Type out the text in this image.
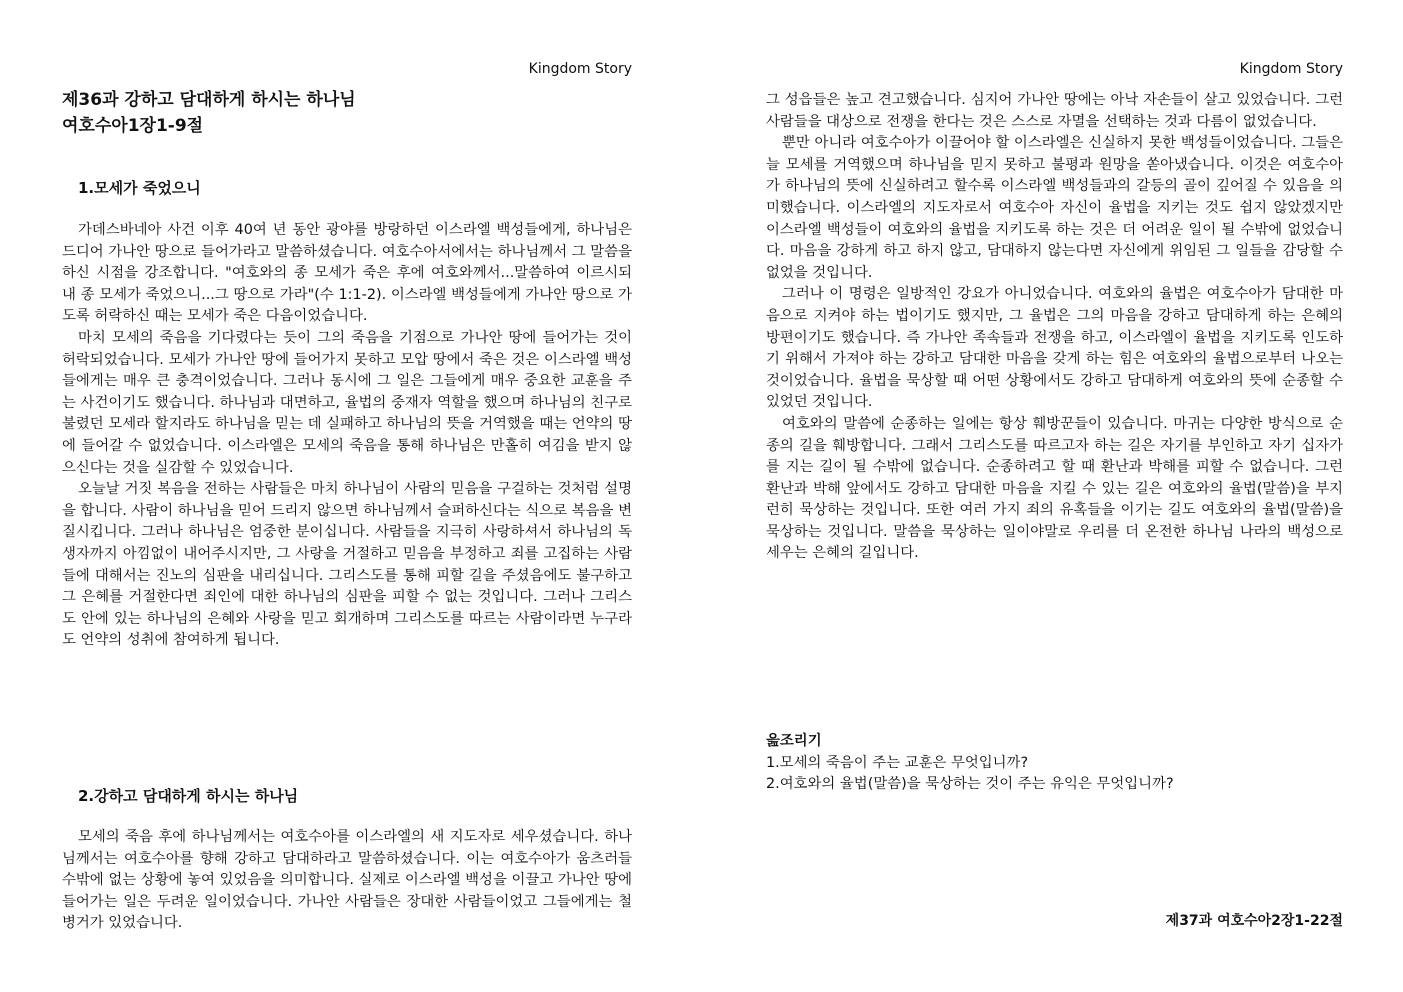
Kingdom Story
제36과 강하고 담대하게 하시는 하나님
여호수아1장1-9절
1.모세가 죽었으니

가데스바네아 사건 이후 40여 년 동안 광야를 방랑하던 이스라엘 백성들에게, 하나님은 드디어 가나안 땅으로 들어가라고 말씀하셨습니다. 여호수아서에서는 하나님께서 그 말씀을 하신 시점을 강조합니다. "여호와의 종 모세가 죽은 후에 여호와께서...말씀하여 이르시되 내 종 모세가 죽었으니...그 땅으로 가라"(수 1:1-2). 이스라엘 백성들에게 가나안 땅으로 가도록 허락하신 때는 모세가 죽은 다음이었습니다.

마치 모세의 죽음을 기다렸다는 듯이 그의 죽음을 기점으로 가나안 땅에 들어가는 것이 허락되었습니다. 모세가 가나안 땅에 들어가지 못하고 모압 땅에서 죽은 것은 이스라엘 백성들에게는 매우 큰 충격이었습니다. 그러나 동시에 그 일은 그들에게 매우 중요한 교훈을 주는 사건이기도 했습니다. 하나님과 대면하고, 율법의 중재자 역할을 했으며 하나님의 친구로 불렸던 모세라 할지라도 하나님을 믿는 데 실패하고 하나님의 뜻을 거역했을 때는 언약의 땅에 들어갈 수 없었습니다. 이스라엘은 모세의 죽음을 통해 하나님은 만홀히 여김을 받지 않으신다는 것을 실감할 수 있었습니다.

오늘날 거짓 복음을 전하는 사람들은 마치 하나님이 사람의 믿음을 구걸하는 것처럼 설명을 합니다. 사람이 하나님을 믿어 드리지 않으면 하나님께서 슬퍼하신다는 식으로 복음을 변질시킵니다. 그러나 하나님은 엄중한 분이십니다. 사람들을 지극히 사랑하셔서 하나님의 독생자까지 아낌없이 내어주시지만, 그 사랑을 거절하고 믿음을 부정하고 죄를 고집하는 사람들에 대해서는 진노의 심판을 내리십니다. 그리스도를 통해 피할 길을 주셨음에도 불구하고 그 은혜를 거절한다면 죄인에 대한 하나님의 심판을 피할 수 없는 것입니다. 그러나 그리스도 안에 있는 하나님의 은혜와 사랑을 믿고 회개하며 그리스도를 따르는 사람이라면 누구라도 언약의 성취에 참여하게 됩니다.

2.강하고 담대하게 하시는 하나님

모세의 죽음 후에 하나님께서는 여호수아를 이스라엘의 새 지도자로 세우셨습니다. 하나님께서는 여호수아를 향해 강하고 담대하라고 말씀하셨습니다. 이는 여호수아가 움츠러들 수밖에 없는 상황에 놓여 있었음을 의미합니다. 실제로 이스라엘 백성을 이끌고 가나안 땅에 들어가는 일은 두려운 일이었습니다. 가나안 사람들은 장대한 사람들이었고 그들에게는 철병거가 있었습니다.

Kingdom Story

그 성읍들은 높고 견고했습니다. 심지어 가나안 땅에는 아낙 자손들이 살고 있었습니다. 그런 사람들을 대상으로 전쟁을 한다는 것은 스스로 자멸을 선택하는 것과 다름이 없었습니다.

뿐만 아니라 여호수아가 이끌어야 할 이스라엘은 신실하지 못한 백성들이었습니다. 그들은 늘 모세를 거역했으며 하나님을 믿지 못하고 불평과 원망을 쏟아냈습니다. 이것은 여호수아가 하나님의 뜻에 신실하려고 할수록 이스라엘 백성들과의 갈등의 골이 깊어질 수 있음을 의미했습니다. 이스라엘의 지도자로서 여호수아 자신이 율법을 지키는 것도 쉽지 않았겠지만 이스라엘 백성들이 여호와의 율법을 지키도록 하는 것은 더 어려운 일이 될 수밖에 없었습니다. 마음을 강하게 하고 하지 않고, 담대하지 않는다면 자신에게 위임된 그 일들을 감당할 수 없었을 것입니다.

그러나 이 명령은 일방적인 강요가 아니었습니다. 여호와의 율법은 여호수아가 담대한 마음으로 지켜야 하는 법이기도 했지만, 그 율법은 그의 마음을 강하고 담대하게 하는 은혜의 방편이기도 했습니다. 즉 가나안 족속들과 전쟁을 하고, 이스라엘이 율법을 지키도록 인도하기 위해서 가져야 하는 강하고 담대한 마음을 갖게 하는 힘은 여호와의 율법으로부터 나오는 것이었습니다. 율법을 묵상할 때 어떤 상황에서도 강하고 담대하게 여호와의 뜻에 순종할 수 있었던 것입니다.

여호와의 말씀에 순종하는 일에는 항상 훼방꾼들이 있습니다. 마귀는 다양한 방식으로 순종의 길을 훼방합니다. 그래서 그리스도를 따르고자 하는 길은 자기를 부인하고 자기 십자가를 지는 길이 될 수밖에 없습니다. 순종하려고 할 때 환난과 박해를 피할 수 없습니다. 그런 환난과 박해 앞에서도 강하고 담대한 마음을 지킬 수 있는 길은 여호와의 율법(말씀)을 부지런히 묵상하는 것입니다. 또한 여러 가지 죄의 유혹들을 이기는 길도 여호와의 율법(말씀)을 묵상하는 것입니다. 말씀을 묵상하는 일이야말로 우리를 더 온전한 하나님 나라의 백성으로 세우는 은혜의 길입니다.

읊조리기
1.모세의 죽음이 주는 교훈은 무엇입니까?
2.여호와의 율법(말씀)을 묵상하는 것이 주는 유익은 무엇입니까?
제37과 여호수아2장1-22절
